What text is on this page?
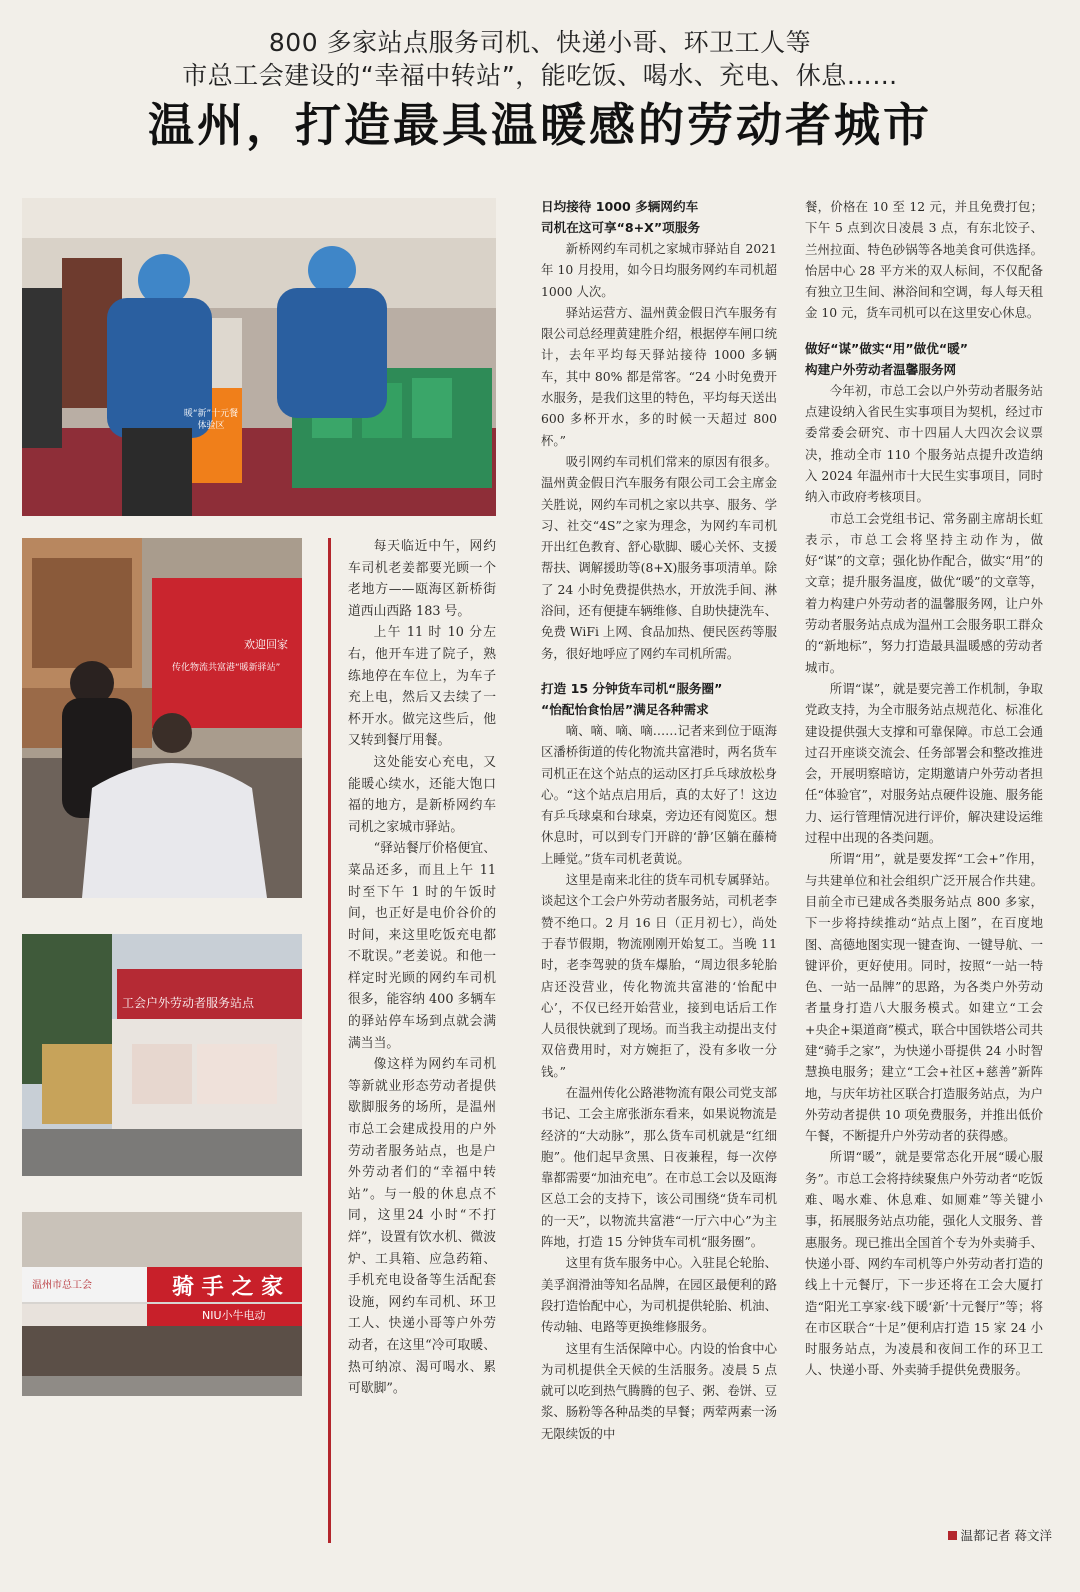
800 多家站点服务司机、快递小哥、环卫工人等
市总工会建设的“幸福中转站”，能吃饭、喝水、充电、休息……
温州，打造最具温暖感的劳动者城市
暖“新”十元餐 体验区
欢迎回家
传化物流共富港“暖新驿站”
工会户外劳动者服务站点
骑 手 之 家
温州市总工会
NIU小牛电动

每天临近中午，网约车司机老姜都要光顾一个老地方——瓯海区新桥街道西山西路 183 号。

上午 11 时 10 分左右，他开车进了院子，熟练地停在车位上，为车子充上电，然后又去续了一杯开水。做完这些后，他又转到餐厅用餐。

这处能安心充电，又能暖心续水，还能大饱口福的地方，是新桥网约车司机之家城市驿站。

“驿站餐厅价格便宜、菜品还多，而且上午 11时至下午 1 时的午饭时间，也正好是电价谷价的时间，来这里吃饭充电都不耽误。”老姜说。和他一样定时光顾的网约车司机很多，能容纳 400 多辆车的驿站停车场到点就会满满当当。

像这样为网约车司机等新就业形态劳动者提供歇脚服务的场所，是温州市总工会建成投用的户外劳动者服务站点，也是户外劳动者们的“幸福中转站”。与一般的休息点不同，这里24 小时“不打烊”，设置有饮水机、微波炉、工具箱、应急药箱、手机充电设备等生活配套设施，网约车司机、环卫工人、快递小哥等户外劳动者，在这里“冷可取暖、热可纳凉、渴可喝水、累可歇脚”。

日均接待 1000 多辆网约车
司机在这可享“8+X”项服务

新桥网约车司机之家城市驿站自 2021 年 10 月投用，如今日均服务网约车司机超 1000 人次。

驿站运营方、温州黄金假日汽车服务有限公司总经理黄建胜介绍，根据停车闸口统计，去年平均每天驿站接待 1000 多辆车，其中 80% 都是常客。“24 小时免费开水服务，是我们这里的特色，平均每天送出 600 多杯开水，多的时候一天超过 800 杯。”

吸引网约车司机们常来的原因有很多。温州黄金假日汽车服务有限公司工会主席金关胜说，网约车司机之家以共享、服务、学习、社交“4S”之家为理念，为网约车司机开出红色教育、舒心歇脚、暖心关怀、支援帮扶、调解援助等(8+X)服务事项清单。除了 24 小时免费提供热水，开放洗手间、淋浴间，还有便捷车辆维修、自助快捷洗车、免费 WiFi 上网、食品加热、便民医药等服务，很好地呼应了网约车司机所需。

打造 15 分钟货车司机“服务圈”
“怡配怡食怡居”满足各种需求

嘀、嘀、嘀、嘀……记者来到位于瓯海区潘桥街道的传化物流共富港时，两名货车司机正在这个站点的运动区打乒乓球放松身心。“这个站点启用后，真的太好了！这边有乒乓球桌和台球桌，旁边还有阅览区。想休息时，可以到专门开辟的‘静’区躺在藤椅上睡觉。”货车司机老黄说。

这里是南来北往的货车司机专属驿站。谈起这个工会户外劳动者服务站，司机老李赞不绝口。2 月 16 日（正月初七），尚处于春节假期，物流刚刚开始复工。当晚 11 时，老李驾驶的货车爆胎，“周边很多轮胎店还没营业，传化物流共富港的‘怡配中心’，不仅已经开始营业，接到电话后工作人员很快就到了现场。而当我主动提出支付双倍费用时，对方婉拒了，没有多收一分钱。”

在温州传化公路港物流有限公司党支部书记、工会主席张浙东看来，如果说物流是经济的“大动脉”，那么货车司机就是“红细胞”。他们起早贪黑、日夜兼程，每一次停靠都需要“加油充电”。在市总工会以及瓯海区总工会的支持下，该公司围绕“货车司机的一天”，以物流共富港“一厅六中心”为主阵地，打造 15 分钟货车司机“服务圈”。

这里有货车服务中心。入驻昆仑轮胎、美孚润滑油等知名品牌，在园区最便利的路段打造怡配中心，为司机提供轮胎、机油、传动轴、电路等更换维修服务。

这里有生活保障中心。内设的怡食中心为司机提供全天候的生活服务。凌晨 5 点就可以吃到热气腾腾的包子、粥、卷饼、豆浆、肠粉等各种品类的早餐；两荤两素一汤无限续饭的中

餐，价格在 10 至 12 元，并且免费打包；下午 5 点到次日凌晨 3 点，有东北饺子、兰州拉面、特色砂锅等各地美食可供选择。怡居中心 28 平方米的双人标间，不仅配备有独立卫生间、淋浴间和空调，每人每天租金 10 元，货车司机可以在这里安心休息。

做好“谋”做实“用”做优“暖”
构建户外劳动者温馨服务网

今年初，市总工会以户外劳动者服务站点建设纳入省民生实事项目为契机，经过市委常委会研究、市十四届人大四次会议票决，推动全市 110 个服务站点提升改造纳入 2024 年温州市十大民生实事项目，同时纳入市政府考核项目。

市总工会党组书记、常务副主席胡长虹表示，市总工会将坚持主动作为，做好“谋”的文章；强化协作配合，做实“用”的文章；提升服务温度，做优“暖”的文章等，着力构建户外劳动者的温馨服务网，让户外劳动者服务站点成为温州工会服务职工群众的“新地标”，努力打造最具温暖感的劳动者城市。

所谓“谋”，就是要完善工作机制，争取党政支持，为全市服务站点规范化、标准化建设提供强大支撑和可靠保障。市总工会通过召开座谈交流会、任务部署会和整改推进会，开展明察暗访，定期邀请户外劳动者担任“体验官”，对服务站点硬件设施、服务能力、运行管理情况进行评价，解决建设运维过程中出现的各类问题。

所谓“用”，就是要发挥“工会+”作用，与共建单位和社会组织广泛开展合作共建。目前全市已建成各类服务站点 800 多家，下一步将持续推动“站点上图”，在百度地图、高德地图实现一键查询、一键导航、一键评价，更好使用。同时，按照“一站一特色、一站一品牌”的思路，为各类户外劳动者量身打造八大服务模式。如建立“工会+央企+渠道商”模式，联合中国铁塔公司共建“骑手之家”，为快递小哥提供 24 小时智慧换电服务；建立“工会+社区+慈善”新阵地，与庆年坊社区联合打造服务站点，为户外劳动者提供 10 项免费服务，并推出低价午餐，不断提升户外劳动者的获得感。

所谓“暖”，就是要常态化开展“暖心服务”。市总工会将持续聚焦户外劳动者“吃饭难、喝水难、休息难、如厕难”等关键小事，拓展服务站点功能，强化人文服务、普惠服务。现已推出全国首个专为外卖骑手、快递小哥、网约车司机等户外劳动者打造的线上十元餐厅，下一步还将在工会大厦打造“阳光工享家·线下暖‘新’十元餐厅”等；将在市区联合“十足”便利店打造 15 家 24 小时服务站点，为凌晨和夜间工作的环卫工人、快递小哥、外卖骑手提供免费服务。

温都记者 蒋文洋
